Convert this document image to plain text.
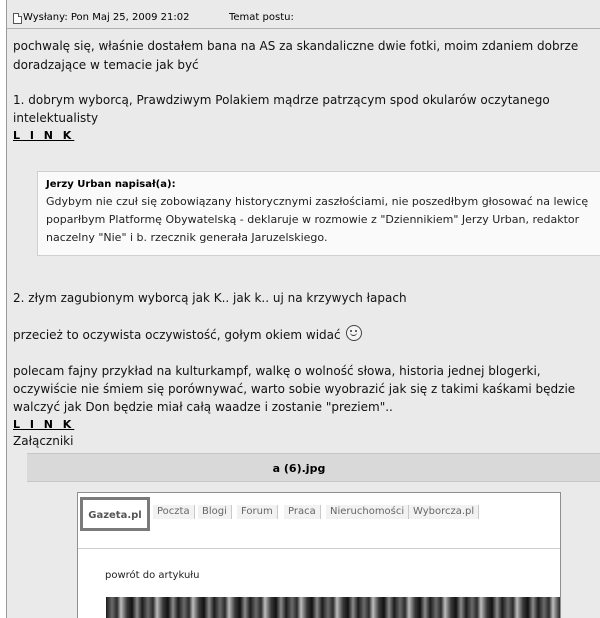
Wysłany: Pon Maj 25, 2009 21:02	Temat postu:
pochwalę się, właśnie dostałem bana na AS za skandaliczne dwie fotki, moim zdaniem dobrze
doradzające w temacie jak być
1. dobrym wyborcą, Prawdziwym Polakiem mądrze patrzącym spod okularów oczytanego
intelektualisty
L I N K
Jerzy Urban napisał(a):
Gdybym nie czuł się zobowiązany historycznymi zaszłościami, nie poszedłbym głosować na lewicę
poparłbym Platformę Obywatelską - deklaruje w rozmowie z "Dziennikiem" Jerzy Urban, redaktor
naczelny "Nie" i b. rzecznik generała Jaruzelskiego.
2. złym zagubionym wyborcą jak K.. jak k.. uj na krzywych łapach
przecież to oczywista oczywistość, gołym okiem widać
polecam fajny przykład na kulturkampf, walkę o wolność słowa, historia jednej blogerki,
oczywiście nie śmiem się porównywać, warto sobie wyobrazić jak się z takimi kaśkami będzie
walczyć jak Don będzie miał całą waadze i zostanie "preziem"..
L I N K
Załączniki
a (6).jpg
Gazeta.pl	Poczta	Blogi	Forum	Praca	Nieruchomości Wyborcza.pl
powrót do artykułu
